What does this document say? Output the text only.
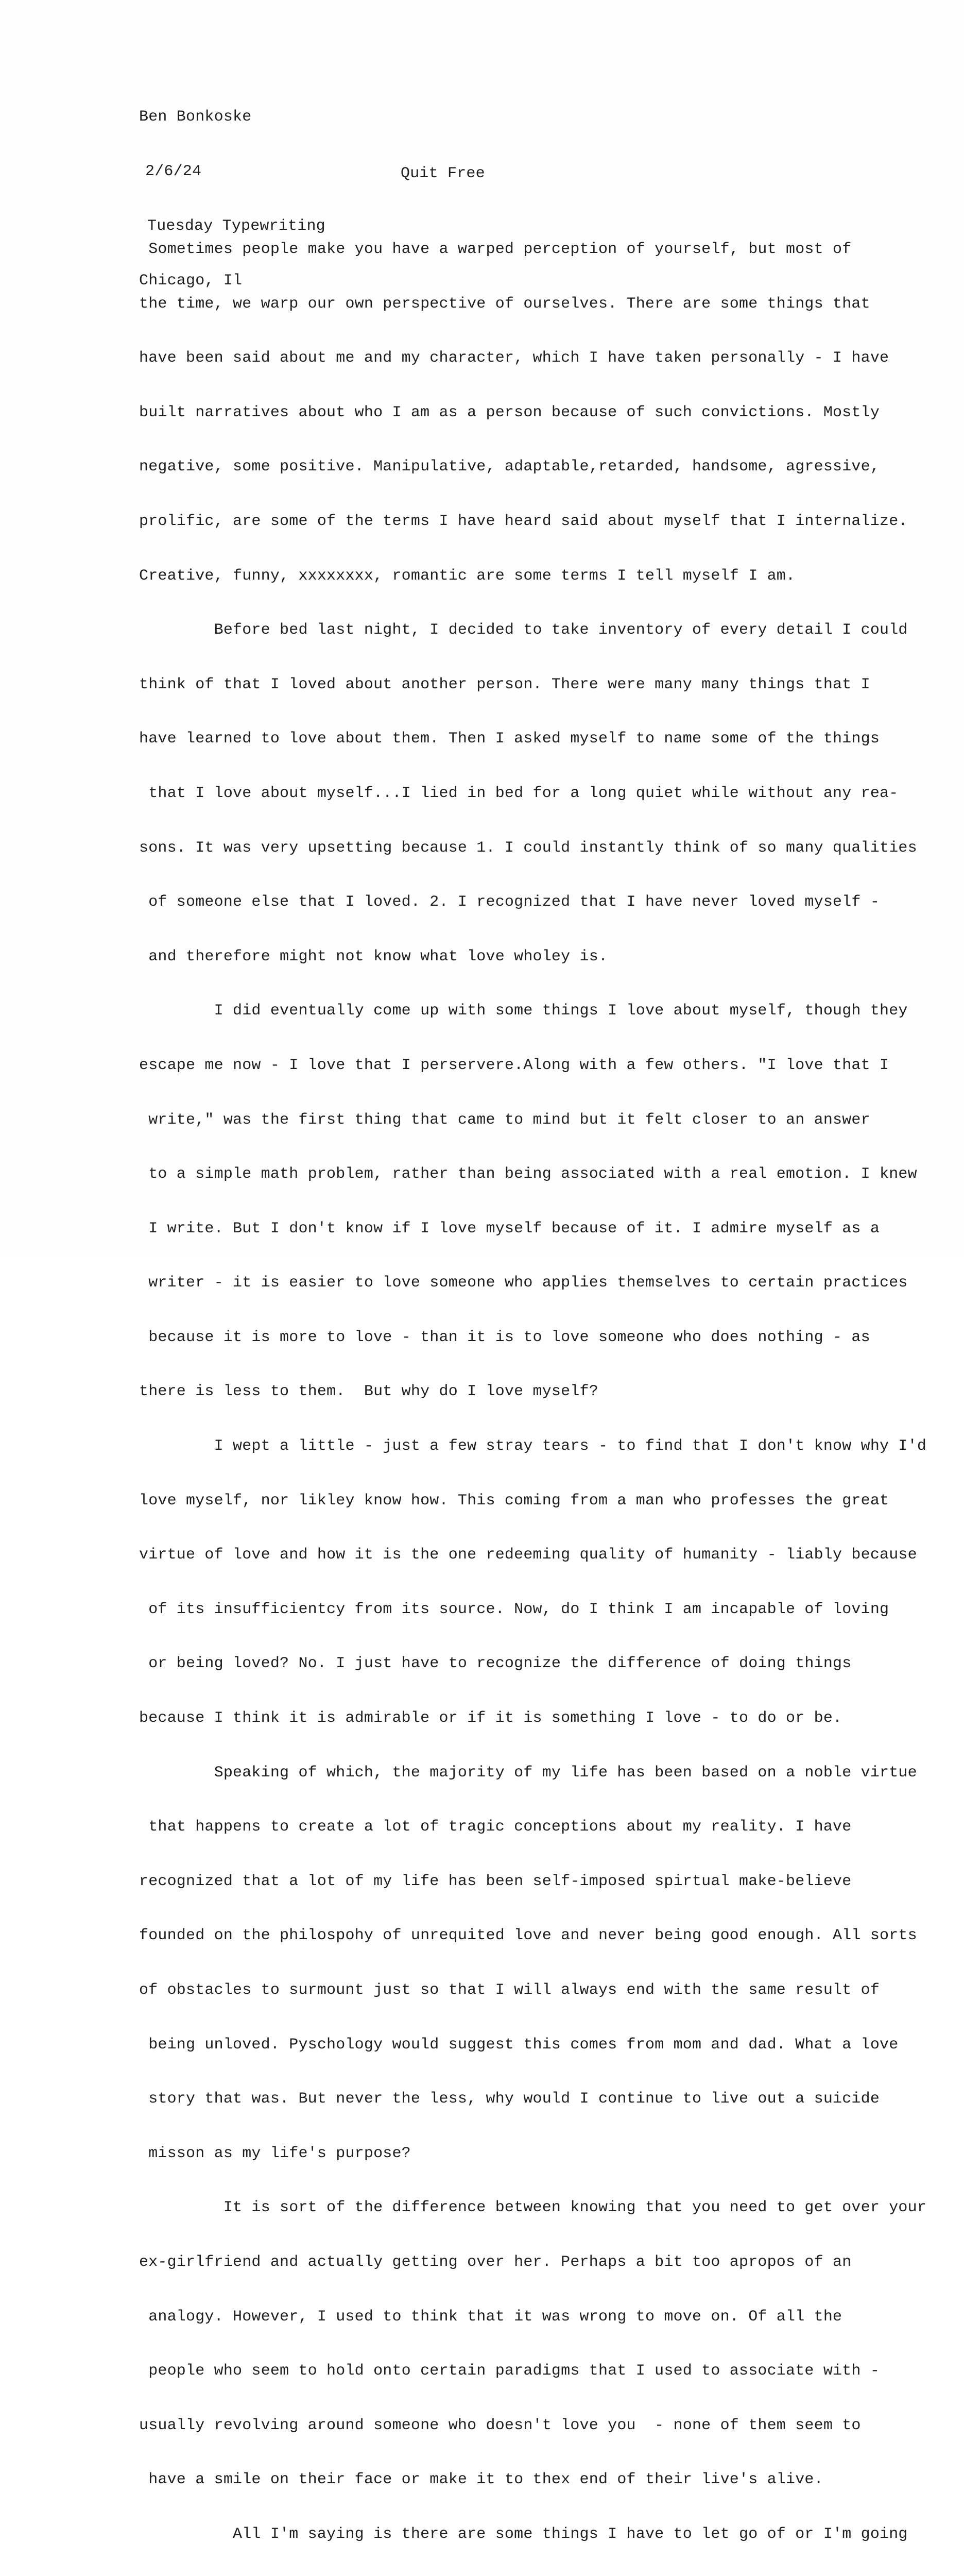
Ben Bonkoske

2/6/24

Tuesday Typewriting

Chicago, Il

Quit Free

Sometimes people make you have a warped perception of yourself, but most of

the time, we warp our own perspective of ourselves. There are some things that

have been said about me and my character, which I have taken personally - I have

built narratives about who I am as a person because of such convictions. Mostly

negative, some positive. Manipulative, adaptable,retarded, handsome, agressive,

prolific, are some of the terms I have heard said about myself that I internalize.

Creative, funny, xxxxxxxx, romantic are some terms I tell myself I am.

Before bed last night, I decided to take inventory of every detail I could

think of that I loved about another person. There were many many things that I

have learned to love about them. Then I asked myself to name some of the things

that I love about myself...I lied in bed for a long quiet while without any rea-

sons. It was very upsetting because 1. I could instantly think of so many qualities

of someone else that I loved. 2. I recognized that I have never loved myself -

and therefore might not know what love wholey is.

I did eventually come up with some things I love about myself, though they

escape me now - I love that I perservere.Along with a few others. "I love that I

write," was the first thing that came to mind but it felt closer to an answer

to a simple math problem, rather than being associated with a real emotion. I knew

I write. But I don't know if I love myself because of it. I admire myself as a

writer - it is easier to love someone who applies themselves to certain practices

because it is more to love - than it is to love someone who does nothing - as

there is less to them.  But why do I love myself?

I wept a little - just a few stray tears - to find that I don't know why I'd

love myself, nor likley know how. This coming from a man who professes the great

virtue of love and how it is the one redeeming quality of humanity - liably because

of its insufficientcy from its source. Now, do I think I am incapable of loving

or being loved? No. I just have to recognize the difference of doing things

because I think it is admirable or if it is something I love - to do or be.

Speaking of which, the majority of my life has been based on a noble virtue

that happens to create a lot of tragic conceptions about my reality. I have

recognized that a lot of my life has been self-imposed spirtual make-believe

founded on the philospohy of unrequited love and never being good enough. All sorts

of obstacles to surmount just so that I will always end with the same result of

being unloved. Pyschology would suggest this comes from mom and dad. What a love

story that was. But never the less, why would I continue to live out a suicide

misson as my life's purpose?

It is sort of the difference between knowing that you need to get over your

ex-girlfriend and actually getting over her. Perhaps a bit too apropos of an

analogy. However, I used to think that it was wrong to move on. Of all the

people who seem to hold onto certain paradigms that I used to associate with -

usually revolving around someone who doesn't love you  - none of them seem to

have a smile on their face or make it to thex end of their live's alive.

All I'm saying is there are some things I have to let go of or I'm going
